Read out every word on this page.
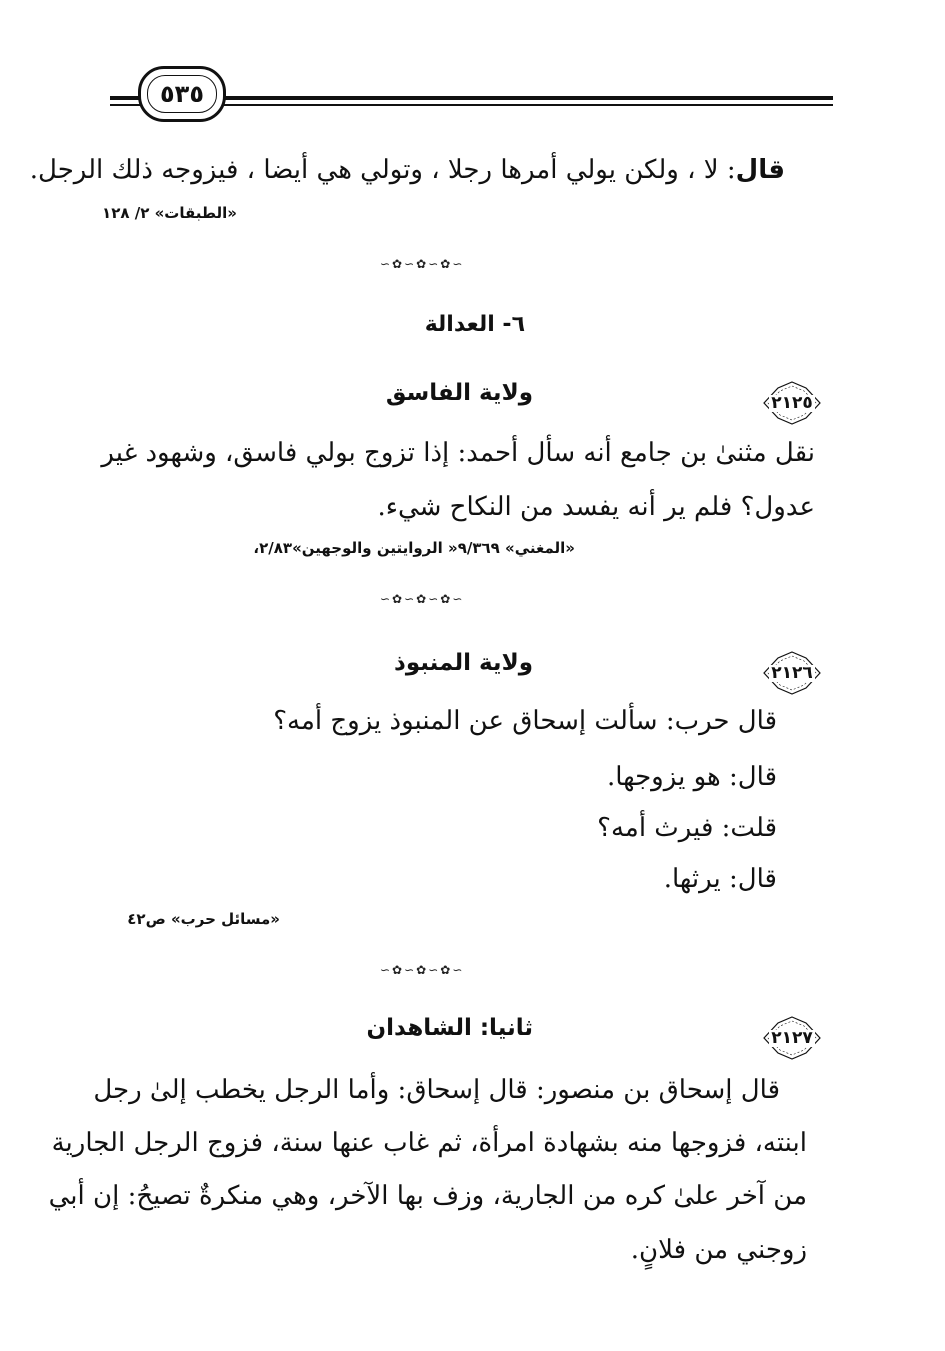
٥٣٥
قال: لا ، ولكن يولي أمرها رجلا ، وتولي هي أيضا ، فيزوجه ذلك الرجل.
«الطبقات» ٢/ ١٢٨
∽✿∽✿∽✿∽
٦- العدالة
٢١٢٥
ولاية الفاسق
نقل مثنىٰ بن جامع أنه سأل أحمد: إذا تزوج بولي فاسق، وشهود غير
عدول؟ فلم ير أنه يفسد من النكاح شيء.
«المغني» ٩/٣٦٩« الروايتين والوجهين»٢/٨٣،
∽✿∽✿∽✿∽
٢١٢٦
ولاية المنبوذ
قال حرب: سألت إسحاق عن المنبوذ يزوج أمه؟
قال: هو يزوجها.
قلت: فيرث أمه؟
قال: يرثها.
«مسائل حرب» ص٤٢
∽✿∽✿∽✿∽
٢١٢٧
ثانيا: الشاهدان
قال إسحاق بن منصور: قال إسحاق: وأما الرجل يخطب إلىٰ رجل
ابنته، فزوجها منه بشهادة امرأة، ثم غاب عنها سنة، فزوج الرجل الجارية
من آخر علىٰ كره من الجارية، وزف بها الآخر، وهي منكرةٌ تصيحُ: إن أبي
زوجني من فلانٍ.
